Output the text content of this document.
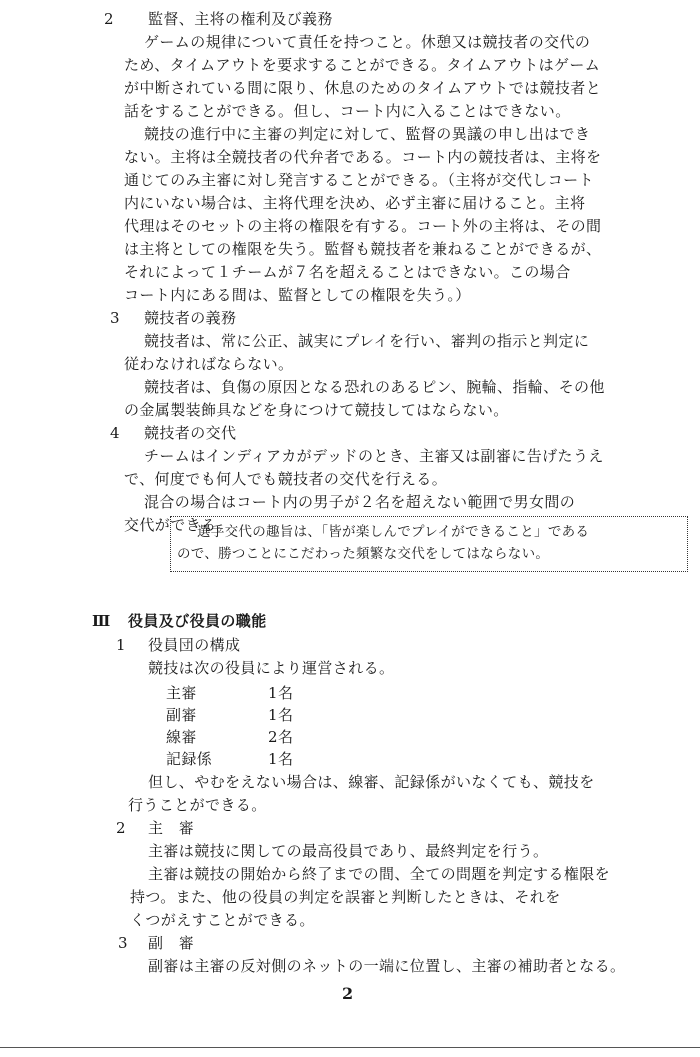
2 監督、主将の権利及び義務
ゲームの規律について責任を持つこと。休憩又は競技者の交代の
ため、タイムアウトを要求することができる。タイムアウトはゲーム
が中断されている間に限り、休息のためのタイムアウトでは競技者と
話をすることができる。但し、コート内に入ることはできない。
競技の進行中に主審の判定に対して、監督の異議の申し出はでき
ない。主将は全競技者の代弁者である。コート内の競技者は、主将を
通じてのみ主審に対し発言することができる。（主将が交代しコート
内にいない場合は、主将代理を決め、必ず主審に届けること。主将
代理はそのセットの主将の権限を有する。コート外の主将は、その間
は主将としての権限を失う。監督も競技者を兼ねることができるが、
それによって１チームが７名を超えることはできない。この場合
コート内にある間は、監督としての権限を失う。）
3 競技者の義務
競技者は、常に公正、誠実にプレイを行い、審判の指示と判定に
従わなければならない。
競技者は、負傷の原因となる恐れのあるピン、腕輪、指輪、その他
の金属製装飾具などを身につけて競技してはならない。
4 競技者の交代
チームはインディアカがデッドのとき、主審又は副審に告げたうえ
で、何度でも何人でも競技者の交代を行える。
混合の場合はコート内の男子が２名を超えない範囲で男女間の
交代ができる。
選手交代の趣旨は、「皆が楽しんでプレイができること」である
ので、勝つことにこだわった頻繁な交代をしてはならない。
Ⅲ 役員及び役員の職能
1 役員団の構成
競技は次の役員により運営される。
主審	1名
副審	1名
線審	2名
記録係	1名
但し、やむをえない場合は、線審、記録係がいなくても、競技を
行うことができる。
2 主　審
主審は競技に関しての最高役員であり、最終判定を行う。
主審は競技の開始から終了までの間、全ての問題を判定する権限を
持つ。また、他の役員の判定を誤審と判断したときは、それを
くつがえすことができる。
3 副　審
副審は主審の反対側のネットの一端に位置し、主審の補助者となる。
2
